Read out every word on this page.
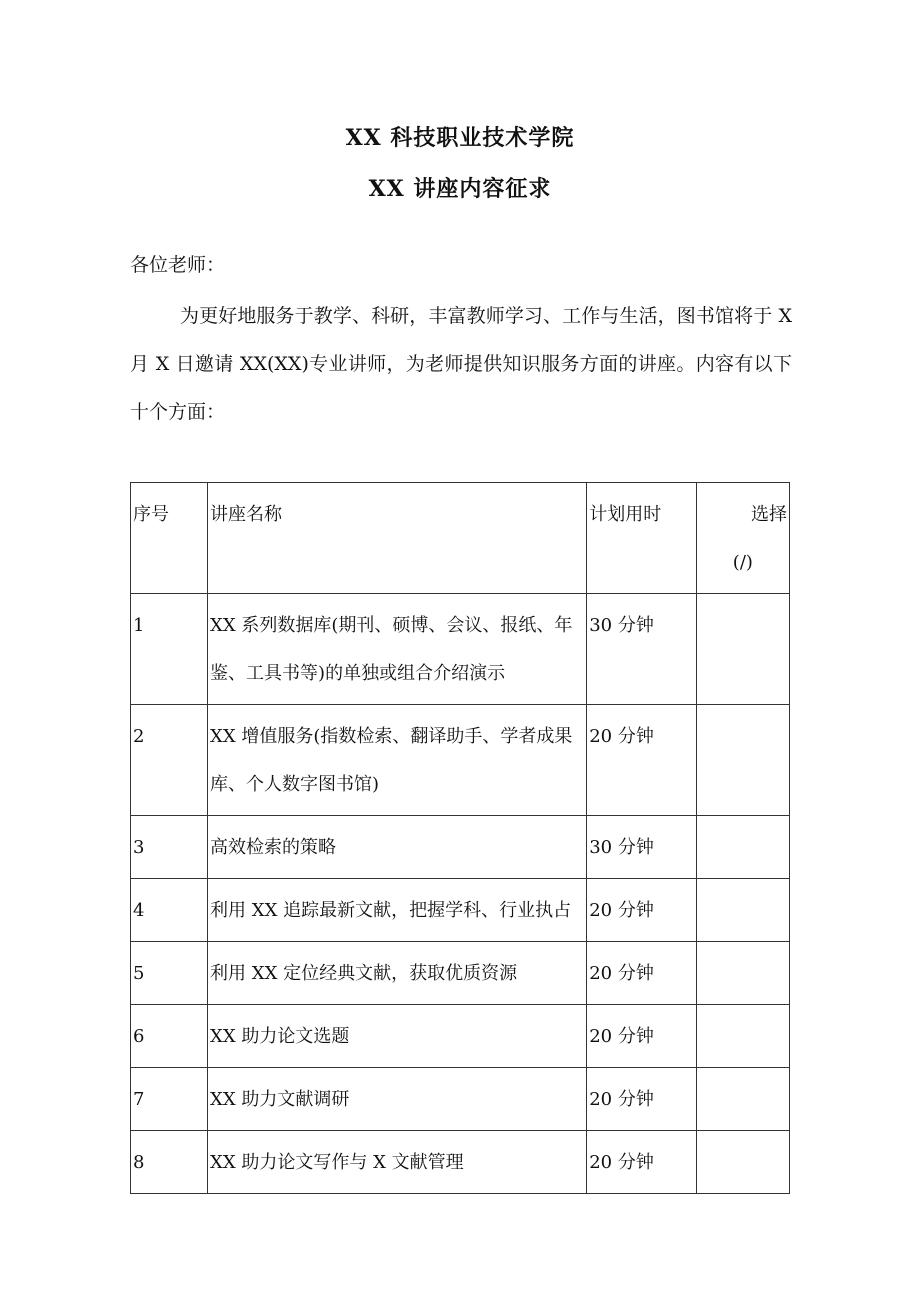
XX 科技职业技术学院
XX 讲座内容征求
各位老师：
为更好地服务于教学、科研，丰富教师学习、工作与生活，图书馆将于 X 月 X 日邀请 XX(XX)专业讲师，为老师提供知识服务方面的讲座。内容有以下十个方面：
序号	讲座名称	计划用时	选择
(/)

1	XX 系列数据库(期刊、硕博、会议、报纸、年鉴、工具书等)的单独或组合介绍演示	30 分钟	
2	XX 增值服务(指数检索、翻译助手、学者成果库、个人数字图书馆)	20 分钟	
3	高效检索的策略	30 分钟	
4	利用 XX 追踪最新文献，把握学科、行业执占	20 分钟	
5	利用 XX 定位经典文献，获取优质资源	20 分钟	
6	XX 助力论文选题	20 分钟	
7	XX 助力文献调研	20 分钟	
8	XX 助力论文写作与 X 文献管理	20 分钟	
